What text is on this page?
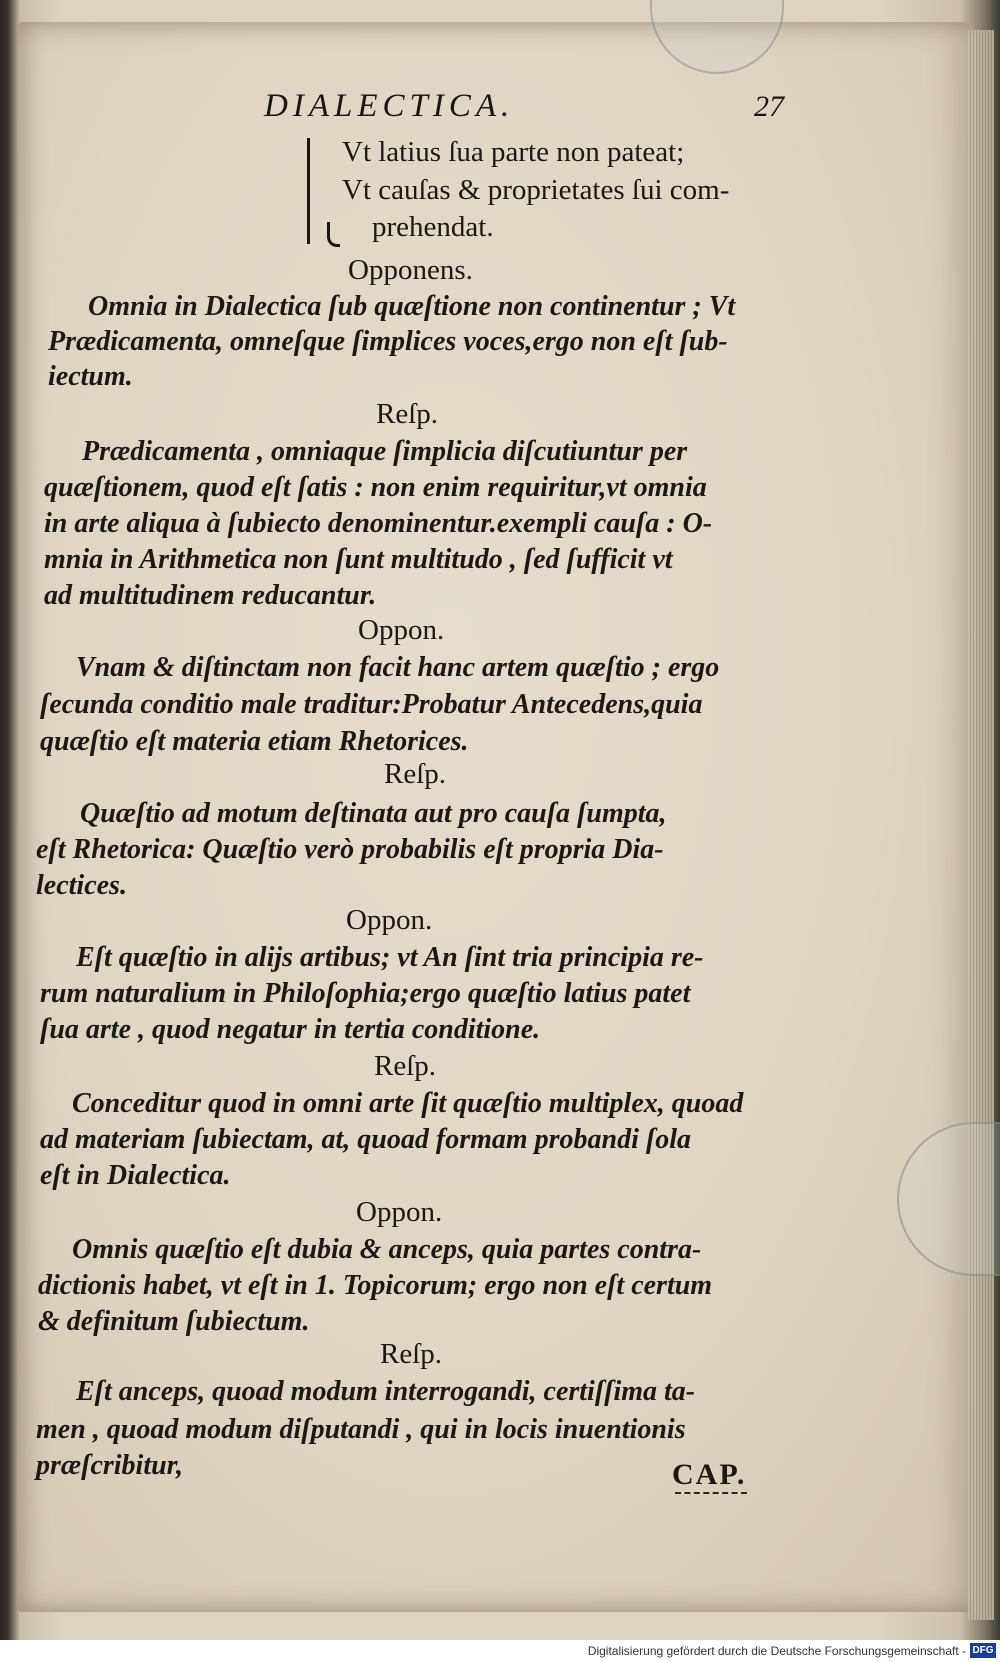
DIALECTICA.	27
Vt latius ſua parte non pateat;
Vt cauſas & proprietates ſui com-
prehendat.
Opponens.
Omnia in Dialectica ſub quæſtione non continentur ; Vt
Prædicamenta, omneſque ſimplices voces,ergo non eſt ſub-
iectum.
Reſp.
Prædicamenta , omniaque ſimplicia diſcutiuntur per
quæſtionem, quod eſt ſatis : non enim requiritur,vt omnia
in arte aliqua à ſubiecto denominentur.exempli cauſa : O-
mnia in Arithmetica non ſunt multitudo , ſed ſufficit vt
ad multitudinem reducantur.
Oppon.
Vnam & diſtinctam non facit hanc artem quæſtio ; ergo
ſecunda conditio male traditur:Probatur Antecedens,quia
quæſtio eſt materia etiam Rhetorices.
Reſp.
Quæſtio ad motum deſtinata aut pro cauſa ſumpta,
eſt Rhetorica: Quæſtio verò probabilis eſt propria Dia-
lectices.
Oppon.
Eſt quæſtio in alijs artibus; vt An ſint tria principia re-
rum naturalium in Philoſophia;ergo quæſtio latius patet
ſua arte , quod negatur in tertia conditione.
Reſp.
Conceditur quod in omni arte ſit quæſtio multiplex, quoad
ad materiam ſubiectam, at, quoad formam probandi ſola
eſt in Dialectica.
Oppon.
Omnis quæſtio eſt dubia & anceps, quia partes contra-
dictionis habet, vt eſt in 1. Topicorum; ergo non eſt certum
& definitum ſubiectum.
Reſp.
Eſt anceps, quoad modum interrogandi, certiſſima ta-
men , quoad modum diſputandi , qui in locis inuentionis
præſcribitur,	CAP.
Digitalisierung gefördert durch die Deutsche Forschungsgemeinschaft - DFG
